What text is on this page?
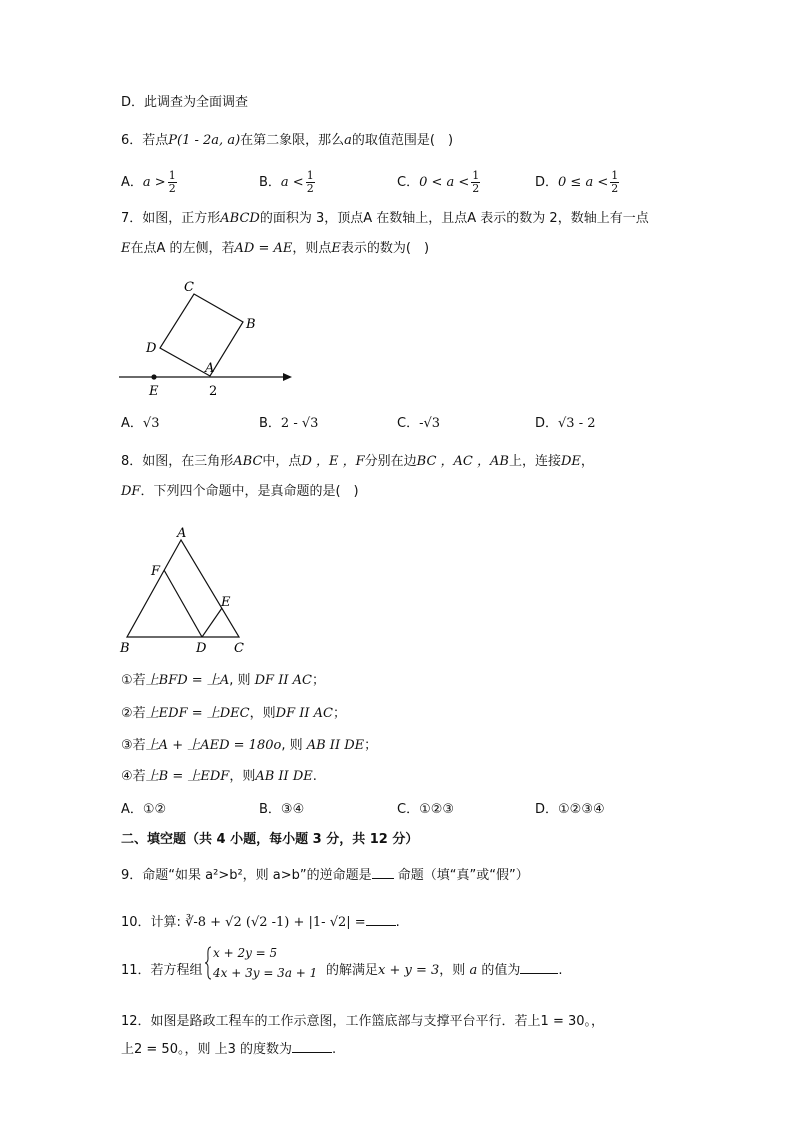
D．此调查为全面调查
6．若点P(1 - 2a, a)在第二象限，那么a的取值范围是(　)
A．$a > \frac{1}{2}$	B．$a < \frac{1}{2}$	C．$0 < a < \frac{1}{2}$	D．$0 \le a < \frac{1}{2}$
7．如图，正方形ABCD的面积为 3，顶点A 在数轴上，且点A 表示的数为 2，数轴上有一点
E在点A 的左侧，若AD = AE，则点E表示的数为(　)
C
B
D
A
E	2
A．√3	B．2 - √3	C．-√3	D．√3 - 2
8．如图，在三角形ABC中，点D ，E ，F分别在边BC ，AC ，AB上，连接DE，
DF．下列四个命题中，是真命题的是(　)
A
F
E
B	D C
①若上BFD = 上A, 则 DF II AC；
②若上EDF = 上DEC，则DF II AC；
③若上A + 上AED = 180o, 则 AB II DE；
④若上B = 上EDF，则AB II DE.
A．①②	B．③④	C．①②③	D．①②③④
二、填空题（共 4 小题，每小题 3 分，共 12 分）
9．命题“如果 a²>b²，则 a>b”的逆命题是 命题（填“真”或“假”）
10．计算: ∛-8 + √2 (√2 -1) + |1- √2| = .
11．若方程组
x + 2y = 5
4x + 3y = 3a + 1 的解满足x + y = 3，则 a 的值为	.
12．如图是路政工程车的工作示意图，工作篮底部与支撑平台平行．若上1 = 30。，
上2 = 50。，则 上3 的度数为	.
